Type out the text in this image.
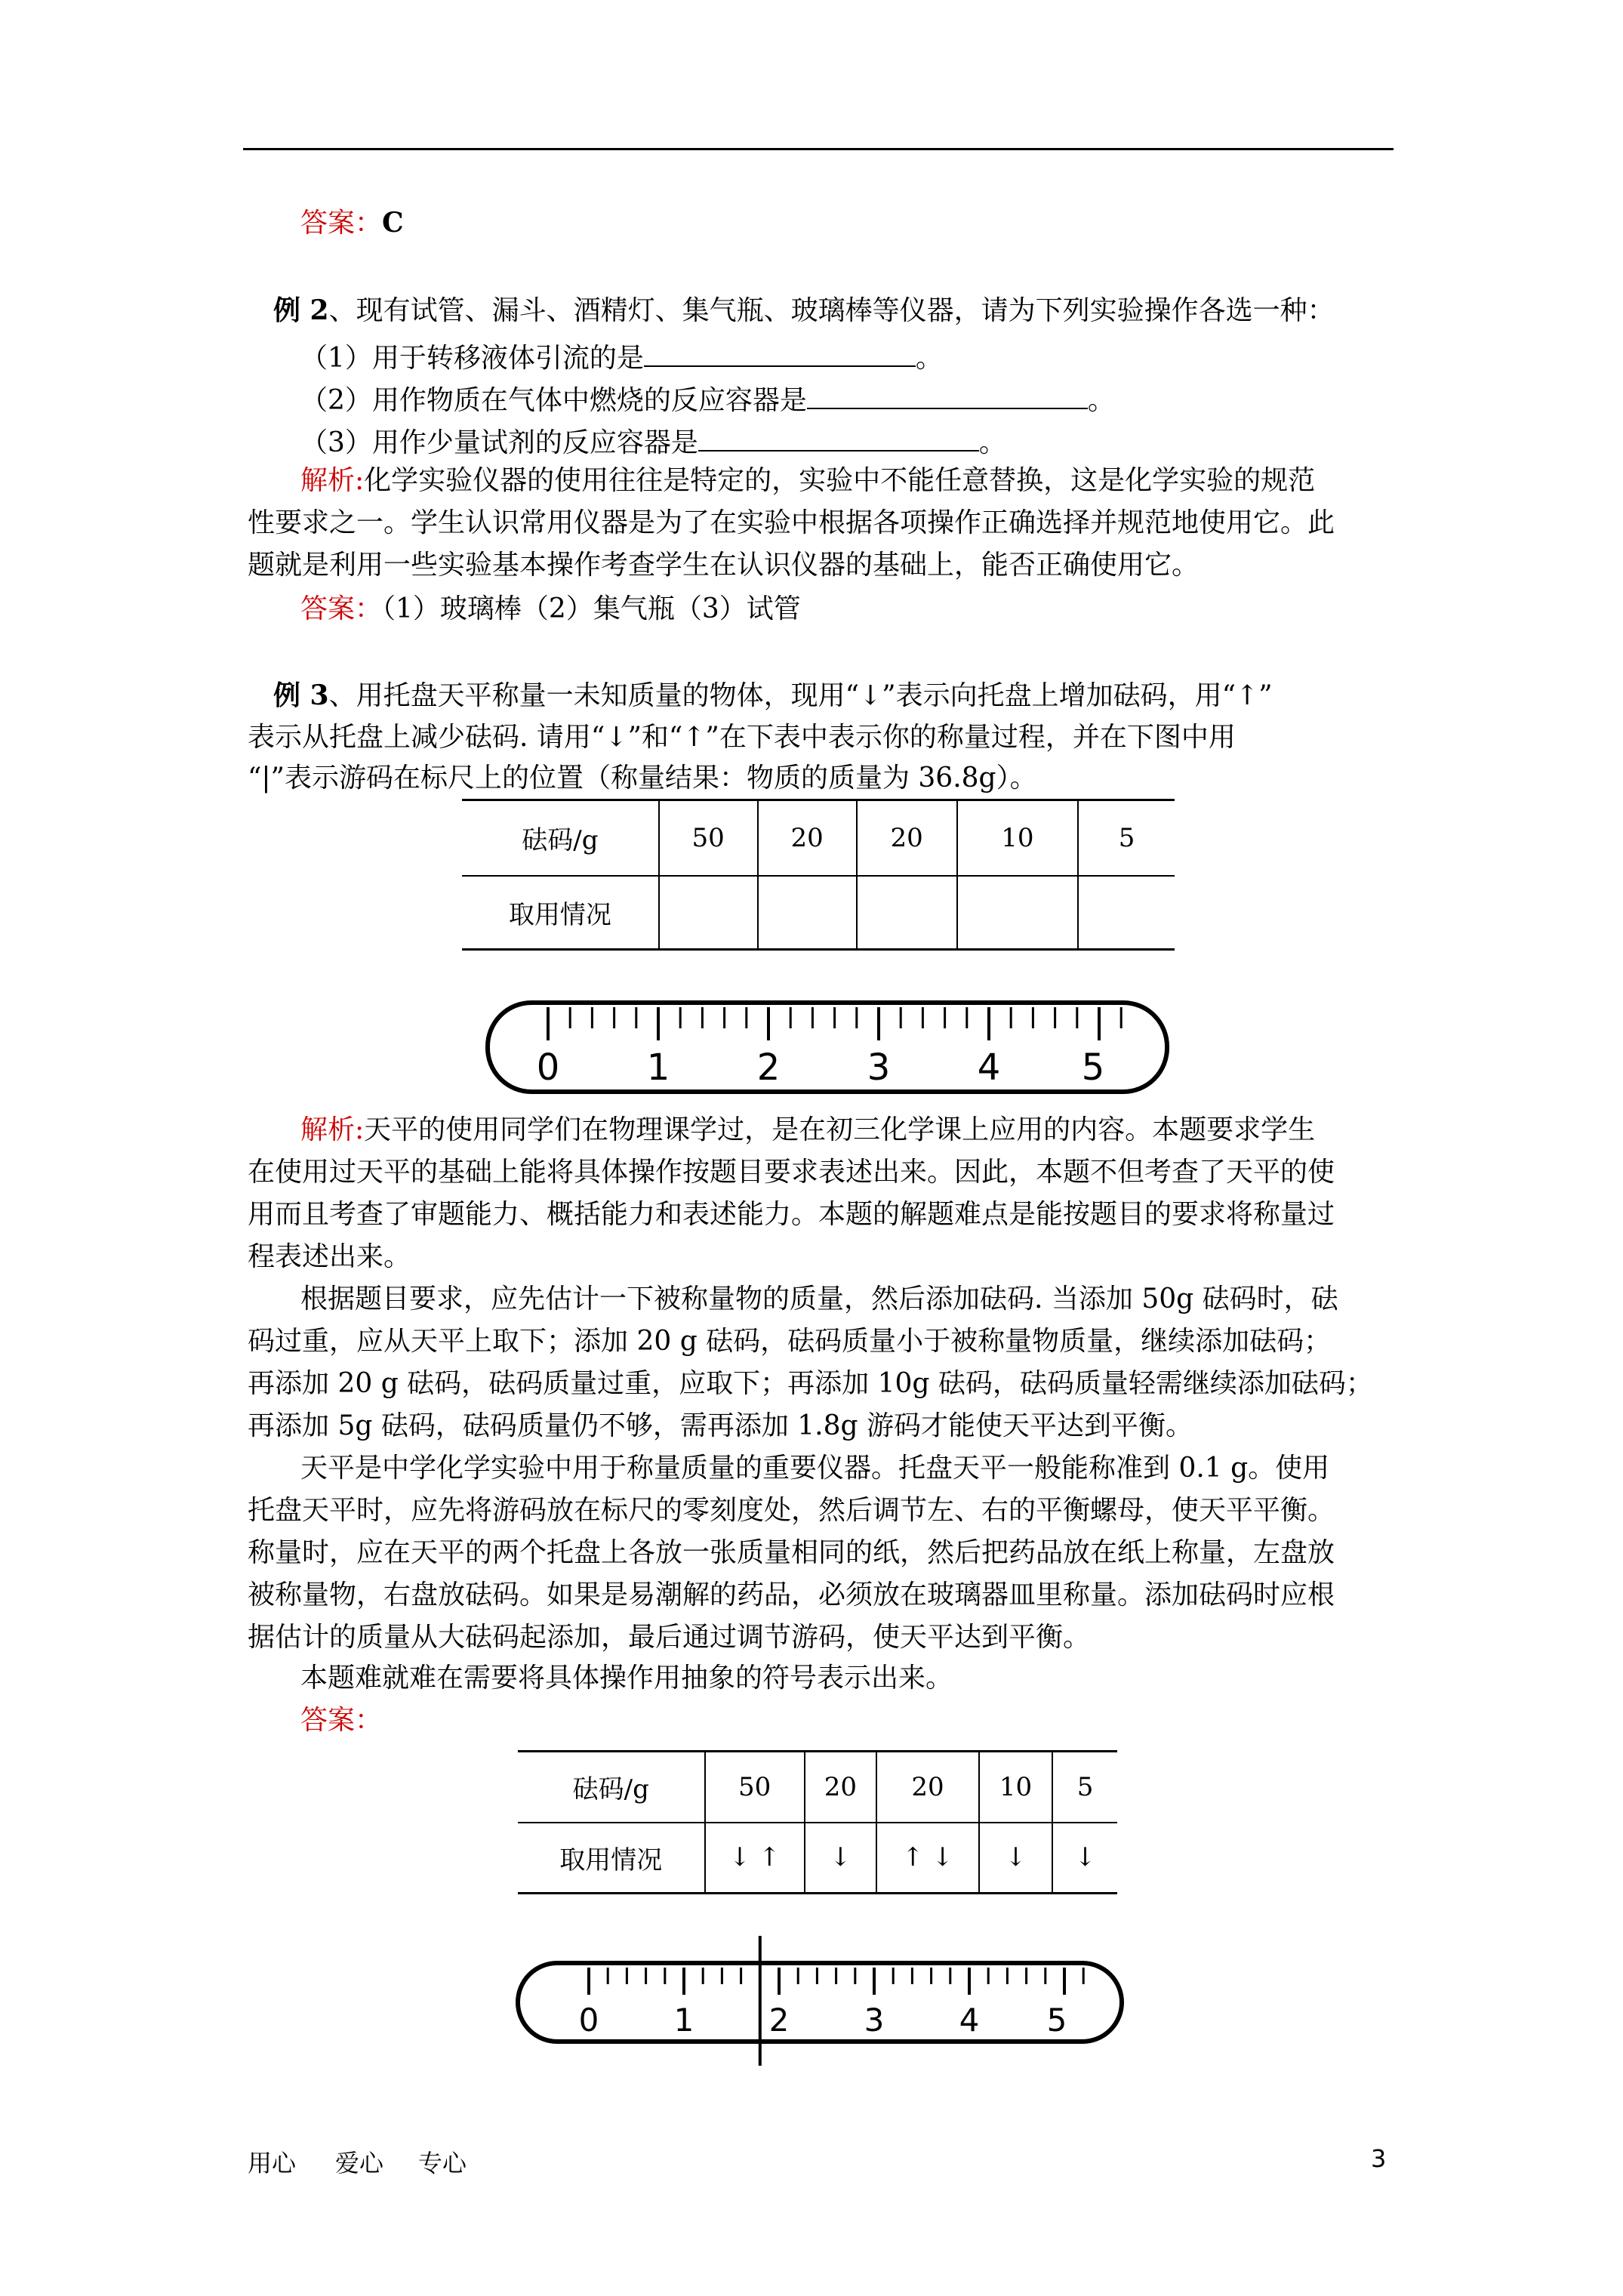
答案：C
例 2、现有试管、漏斗、酒精灯、集气瓶、玻璃棒等仪器，请为下列实验操作各选一种：
（1）用于转移液体引流的是	。
（2）用作物质在气体中燃烧的反应容器是	。
（3）用作少量试剂的反应容器是	。
解析:化学实验仪器的使用往往是特定的，实验中不能任意替换，这是化学实验的规范
性要求之一。学生认识常用仪器是为了在实验中根据各项操作正确选择并规范地使用它。此
题就是利用一些实验基本操作考查学生在认识仪器的基础上，能否正确使用它。
答案：（1）玻璃棒（2）集气瓶（3）试管
例 3、用托盘天平称量一未知质量的物体，现用“↓”表示向托盘上增加砝码，用“↑”
表示从托盘上减少砝码. 请用“↓”和“↑”在下表中表示你的称量过程，并在下图中用
“|”表示游码在标尺上的位置（称量结果：物质的质量为 36.8g）。
砝码/g	50	20	20	10	5
取用情况					
0 1 2 3 4 5
解析:天平的使用同学们在物理课学过，是在初三化学课上应用的内容。本题要求学生
在使用过天平的基础上能将具体操作按题目要求表述出来。因此，本题不但考查了天平的使
用而且考查了审题能力、概括能力和表述能力。本题的解题难点是能按题目的要求将称量过
程表述出来。
根据题目要求，应先估计一下被称量物的质量，然后添加砝码. 当添加 50g 砝码时，砝
码过重，应从天平上取下；添加 20 g 砝码，砝码质量小于被称量物质量，继续添加砝码；
再添加 20 g 砝码，砝码质量过重，应取下；再添加 10g 砝码，砝码质量轻需继续添加砝码；
再添加 5g 砝码，砝码质量仍不够，需再添加 1.8g 游码才能使天平达到平衡。
天平是中学化学实验中用于称量质量的重要仪器。托盘天平一般能称准到 0.1 g。使用
托盘天平时，应先将游码放在标尺的零刻度处，然后调节左、右的平衡螺母，使天平平衡。
称量时，应在天平的两个托盘上各放一张质量相同的纸，然后把药品放在纸上称量，左盘放
被称量物，右盘放砝码。如果是易潮解的药品，必须放在玻璃器皿里称量。添加砝码时应根
据估计的质量从大砝码起添加，最后通过调节游码，使天平达到平衡。
本题难就难在需要将具体操作用抽象的符号表示出来。
答案：
砝码/g	50	20	20	10	5
取用情况	↓ ↑	↓	↑ ↓	↓	↓
0 1 2 3 4 5
用心 爱心 专心	3
